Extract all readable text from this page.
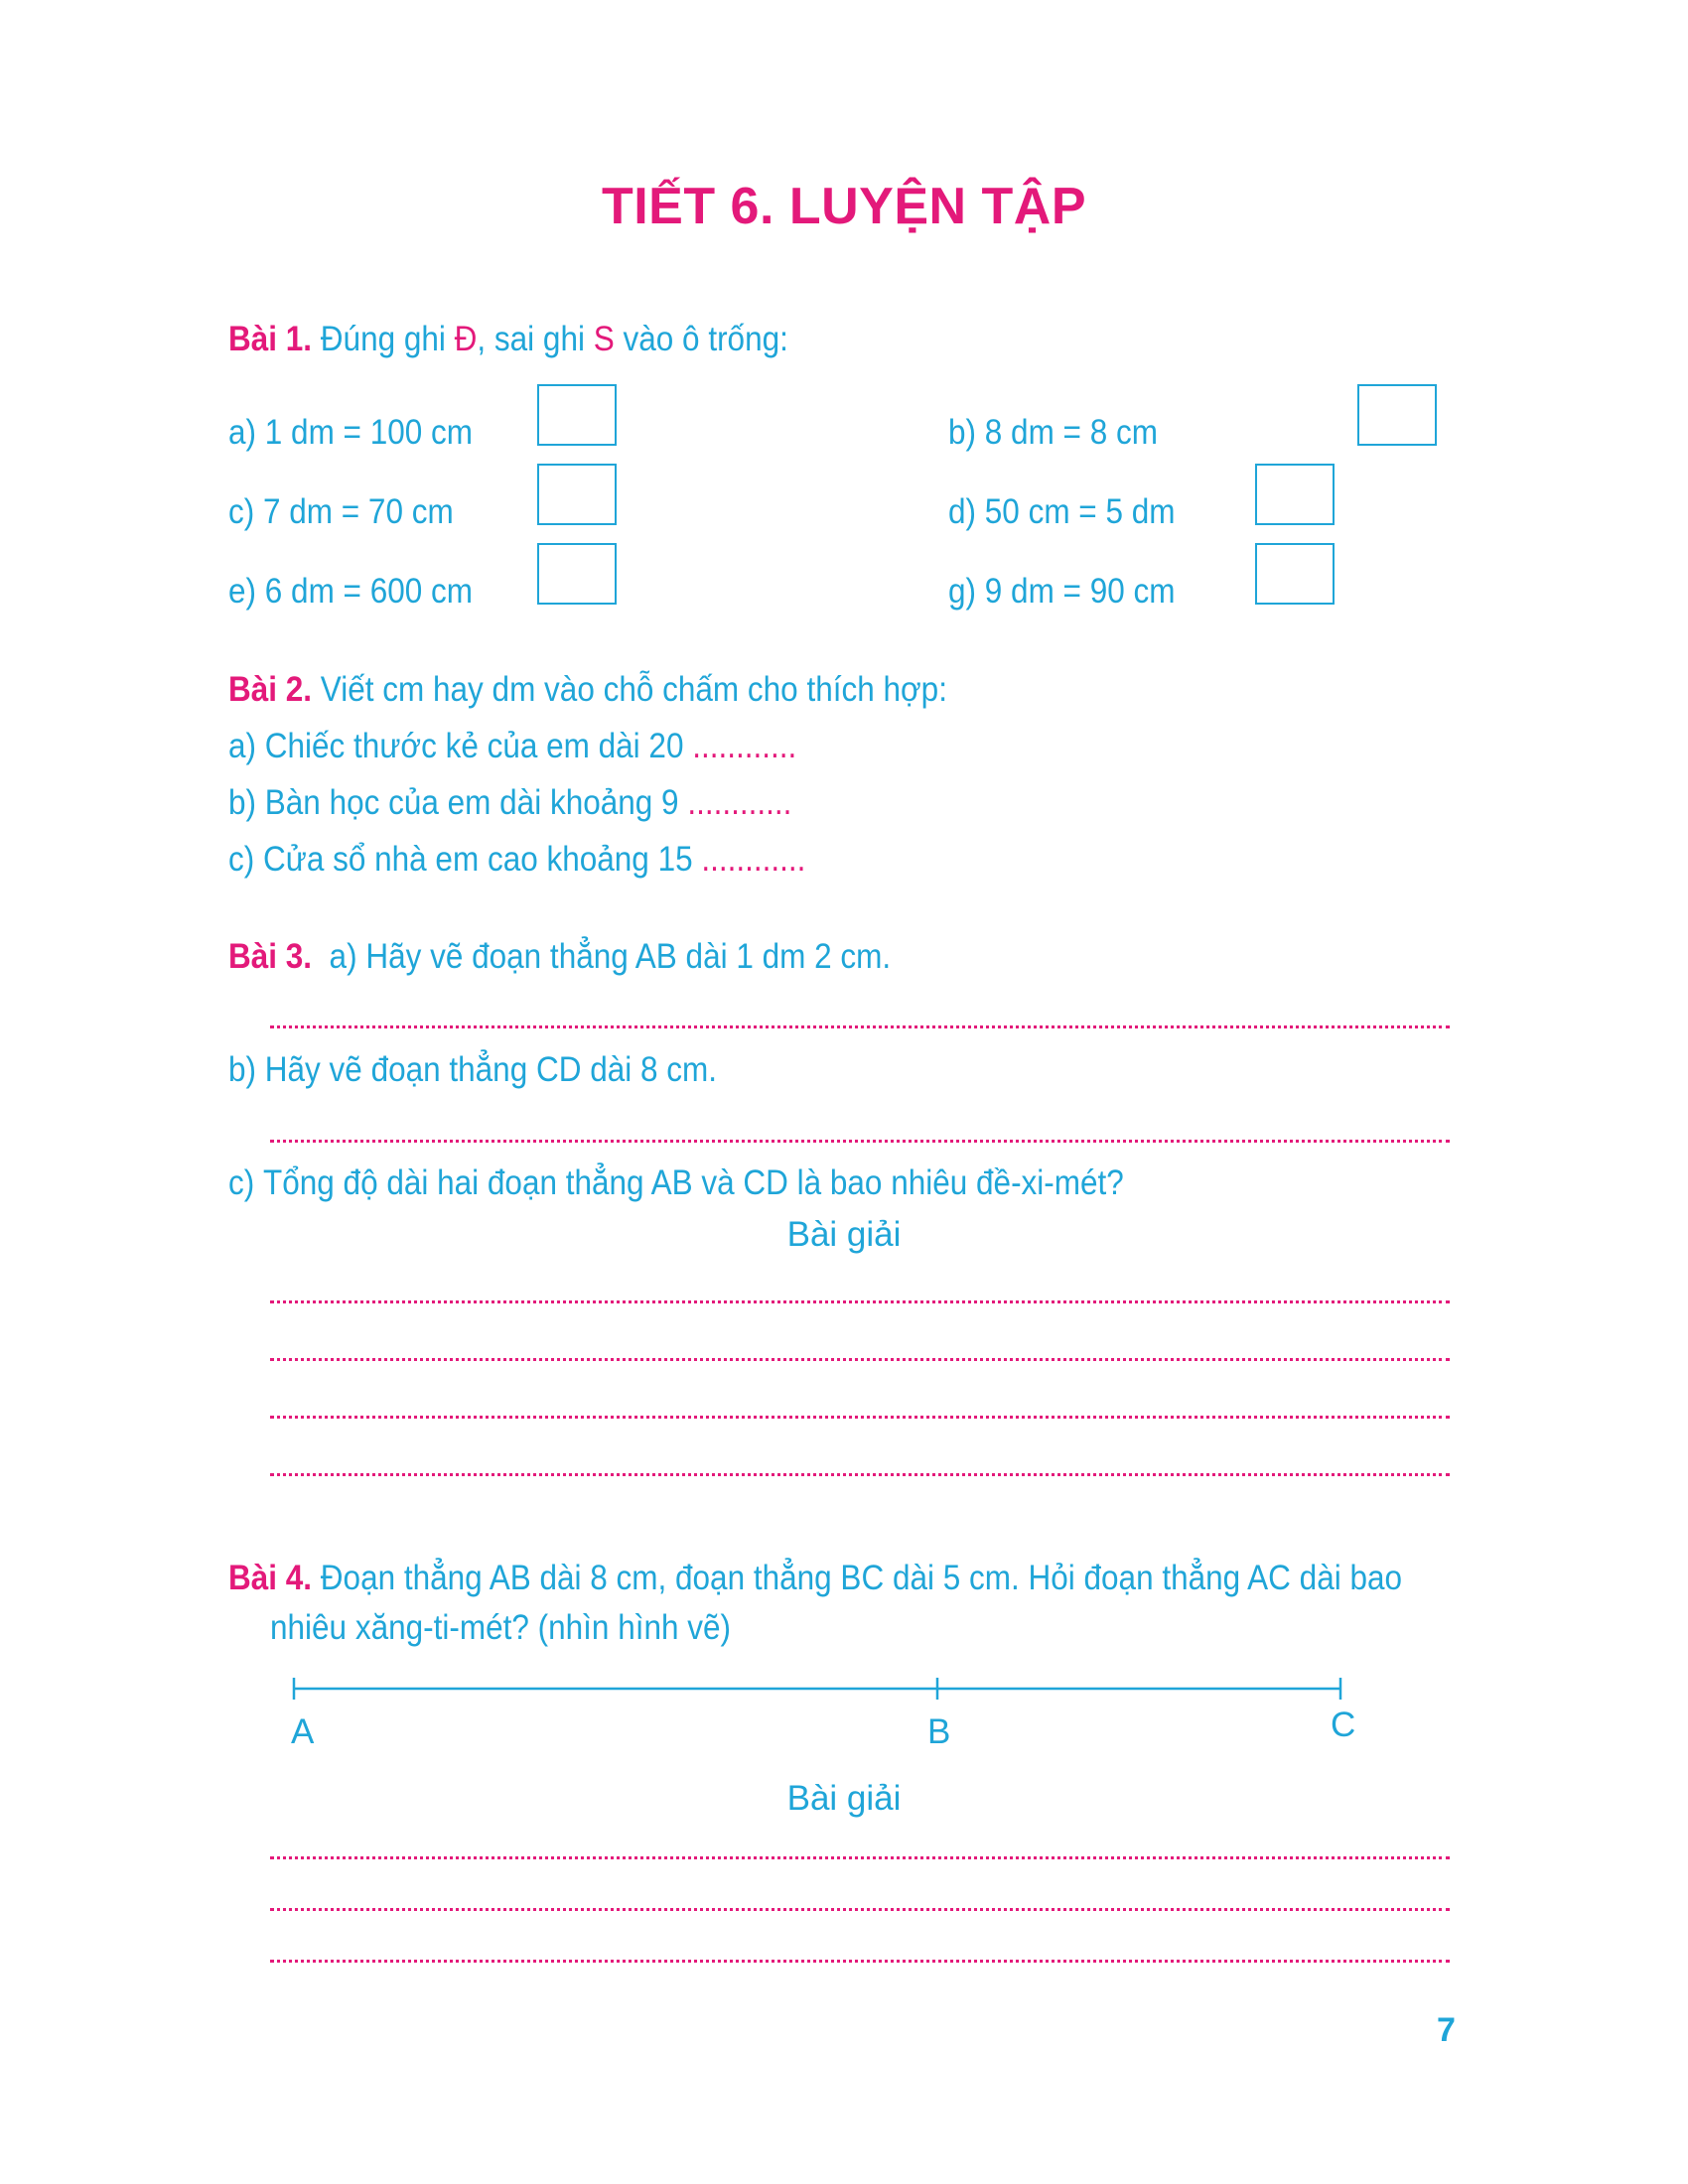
TIẾT 6. LUYỆN TẬP
Bài 1. Đúng ghi Đ, sai ghi S vào ô trống:
a) 1 dm = 100 cm	b) 8 dm = 8 cm
c) 7 dm = 70 cm	d) 50 cm = 5 dm
e) 6 dm = 600 cm	g) 9 dm = 90 cm
Bài 2. Viết cm hay dm vào chỗ chấm cho thích hợp:
a) Chiếc thước kẻ của em dài 20 ............
b) Bàn học của em dài khoảng 9 ............
c) Cửa sổ nhà em cao khoảng 15 ............
Bài 3. a) Hãy vẽ đoạn thẳng AB dài 1 dm 2 cm.
b) Hãy vẽ đoạn thẳng CD dài 8 cm.
c) Tổng độ dài hai đoạn thẳng AB và CD là bao nhiêu đề-xi-mét?
Bài giải
Bài 4. Đoạn thẳng AB dài 8 cm, đoạn thẳng BC dài 5 cm. Hỏi đoạn thẳng AC dài bao
nhiêu xăng-ti-mét? (nhìn hình vẽ)
A	B	C
Bài giải
7
